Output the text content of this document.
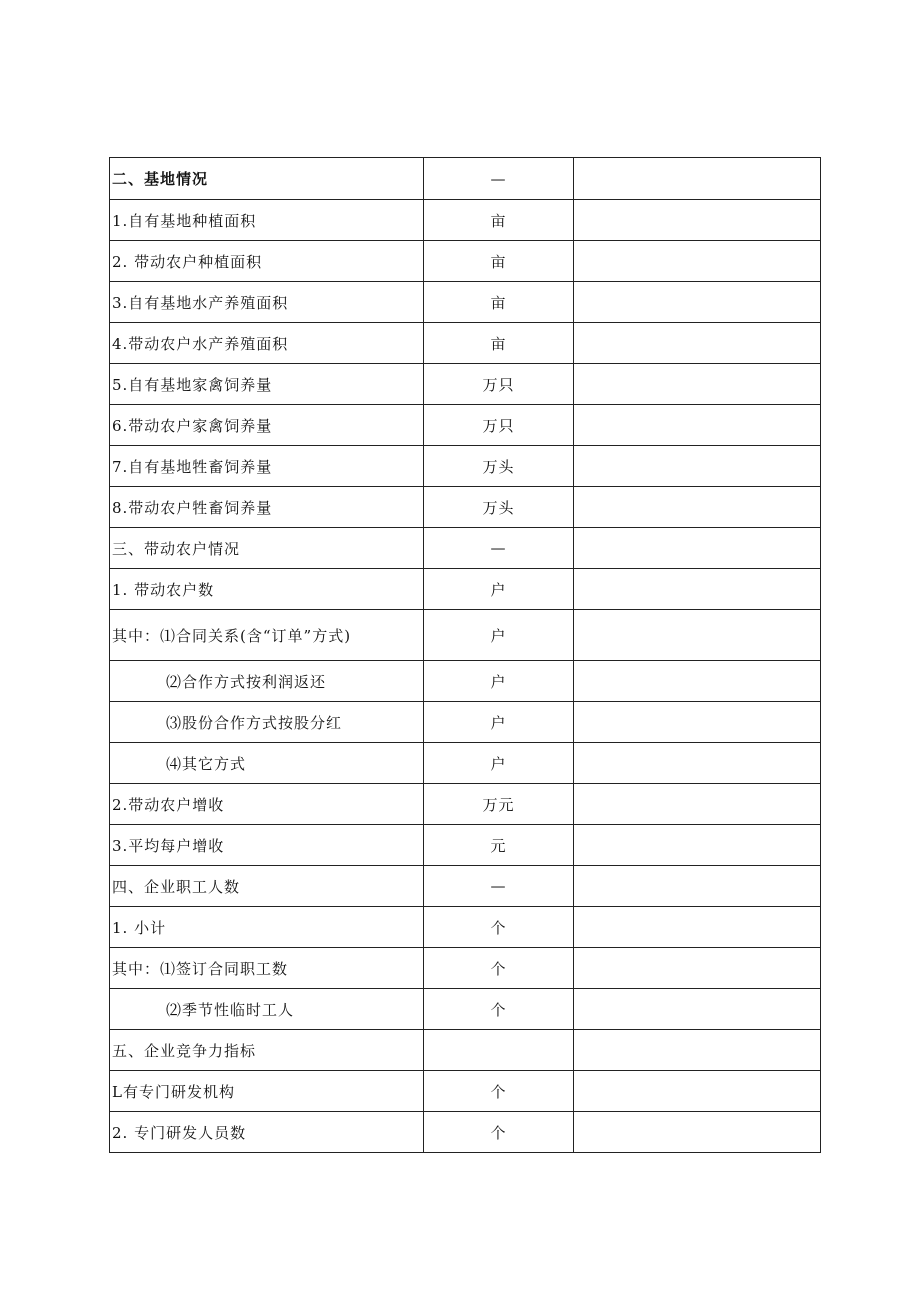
二、基地情况	—	
1.自有基地种植面积	亩	
2. 带动农户种植面积	亩	
3.自有基地水产养殖面积	亩	
4.带动农户水产养殖面积	亩	
5.自有基地家禽饲养量	万只	
6.带动农户家禽饲养量	万只	
7.自有基地牲畜饲养量	万头	
8.带动农户牲畜饲养量	万头	
三、带动农户情况	—	
1. 带动农户数	户	
其中：⑴合同关系(含“订单”方式)	户	
⑵合作方式按利润返还	户	
⑶股份合作方式按股分红	户	
⑷其它方式	户	
2.带动农户增收	万元	
3.平均每户增收	元	
四、企业职工人数	—	
1. 小计	个	
其中：⑴签订合同职工数	个	
⑵季节性临时工人	个	
五、企业竞争力指标		
L有专门研发机构	个	
2. 专门研发人员数	个	
